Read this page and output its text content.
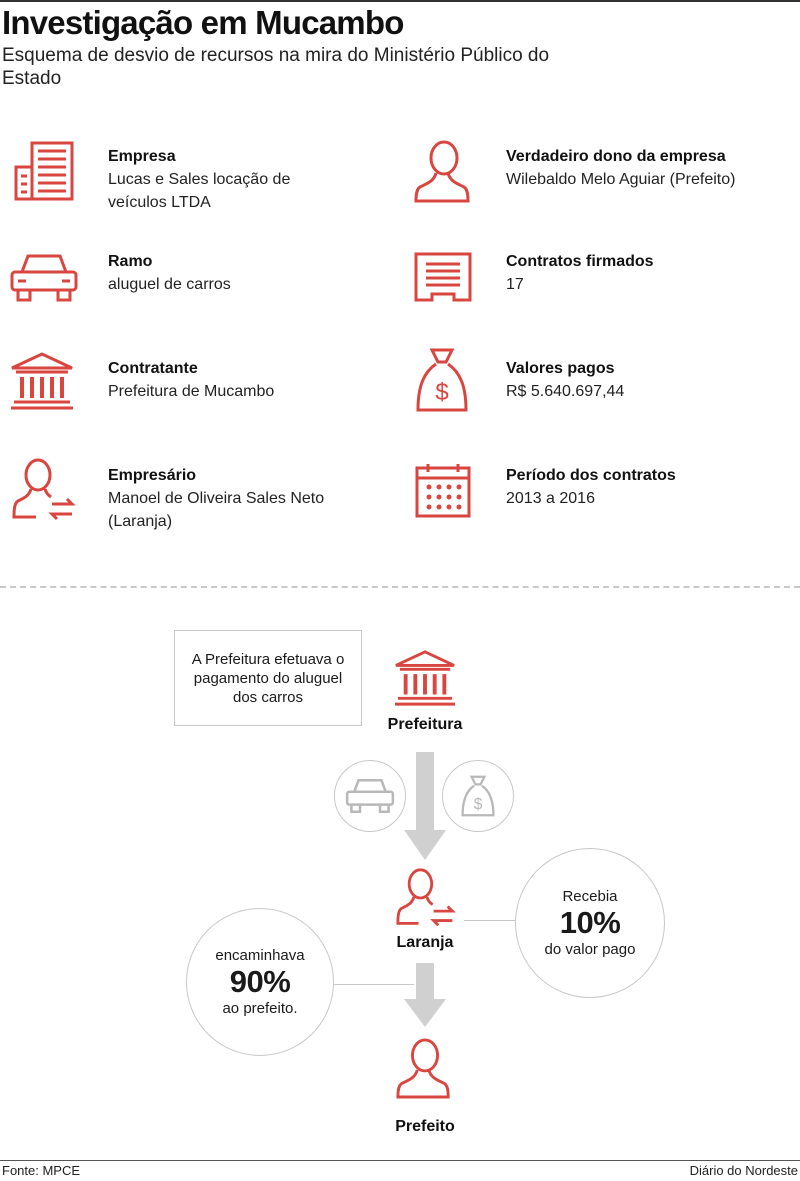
Investigação em Mucambo
Esquema de desvio de recursos na mira do Ministério Público do Estado
Empresa
Lucas e Sales locação de veículos LTDA
Verdadeiro dono da empresa
Wilebaldo Melo Aguiar (Prefeito)
Ramo
aluguel de carros
Contratos firmados
17
Contratante
Prefeitura de Mucambo	$
Valores pagos
R$ 5.640.697,44
Empresário
Manoel de Oliveira Sales Neto (Laranja)
Período dos contratos
2013 a 2016
A Prefeitura efetuava o pagamento do aluguel dos carros
Prefeitura
$
Laranja
Recebia
10%
do valor pago
encaminhava
90%
ao prefeito.
Prefeito
Fonte: MPCE	Diário do Nordeste
